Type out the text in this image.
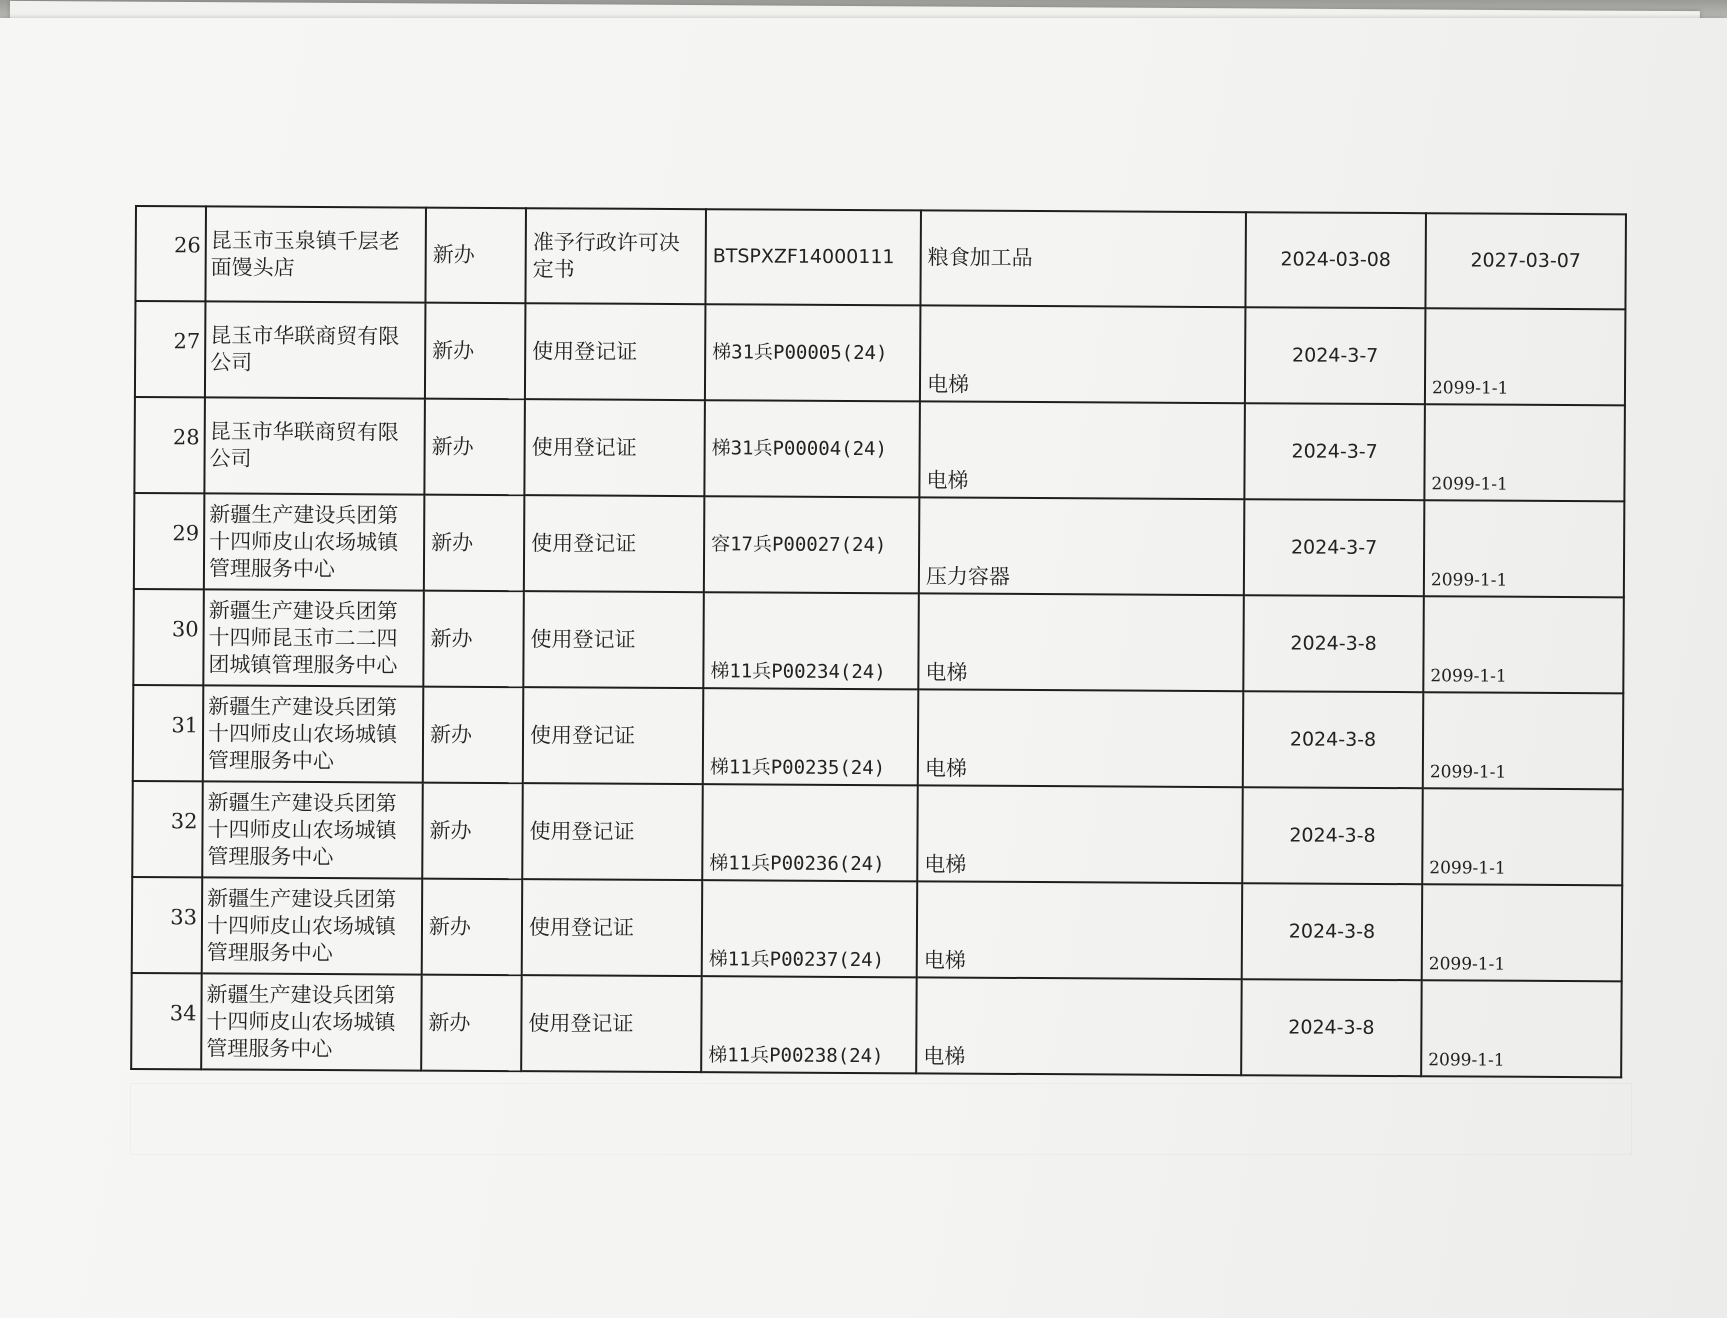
26	昆玉市玉泉镇千层老面馒头店	新办	准予行政许可决定书	BTSPXZF14000111	粮食加工品	2024-03-08	2027-03-07
27	昆玉市华联商贸有限公司	新办	使用登记证	梯31兵P00005(24)	电梯	2024-3-7	2099-1-1
28	昆玉市华联商贸有限公司	新办	使用登记证	梯31兵P00004(24)	电梯	2024-3-7	2099-1-1
29	新疆生产建设兵团第十四师皮山农场城镇管理服务中心	新办	使用登记证	容17兵P00027(24)	压力容器	2024-3-7	2099-1-1
30	新疆生产建设兵团第十四师昆玉市二二四团城镇管理服务中心	新办	使用登记证	梯11兵P00234(24)	电梯	2024-3-8	2099-1-1
31	新疆生产建设兵团第十四师皮山农场城镇管理服务中心	新办	使用登记证	梯11兵P00235(24)	电梯	2024-3-8	2099-1-1
32	新疆生产建设兵团第十四师皮山农场城镇管理服务中心	新办	使用登记证	梯11兵P00236(24)	电梯	2024-3-8	2099-1-1
33	新疆生产建设兵团第十四师皮山农场城镇管理服务中心	新办	使用登记证	梯11兵P00237(24)	电梯	2024-3-8	2099-1-1
34	新疆生产建设兵团第十四师皮山农场城镇管理服务中心	新办	使用登记证	梯11兵P00238(24)	电梯	2024-3-8	2099-1-1
